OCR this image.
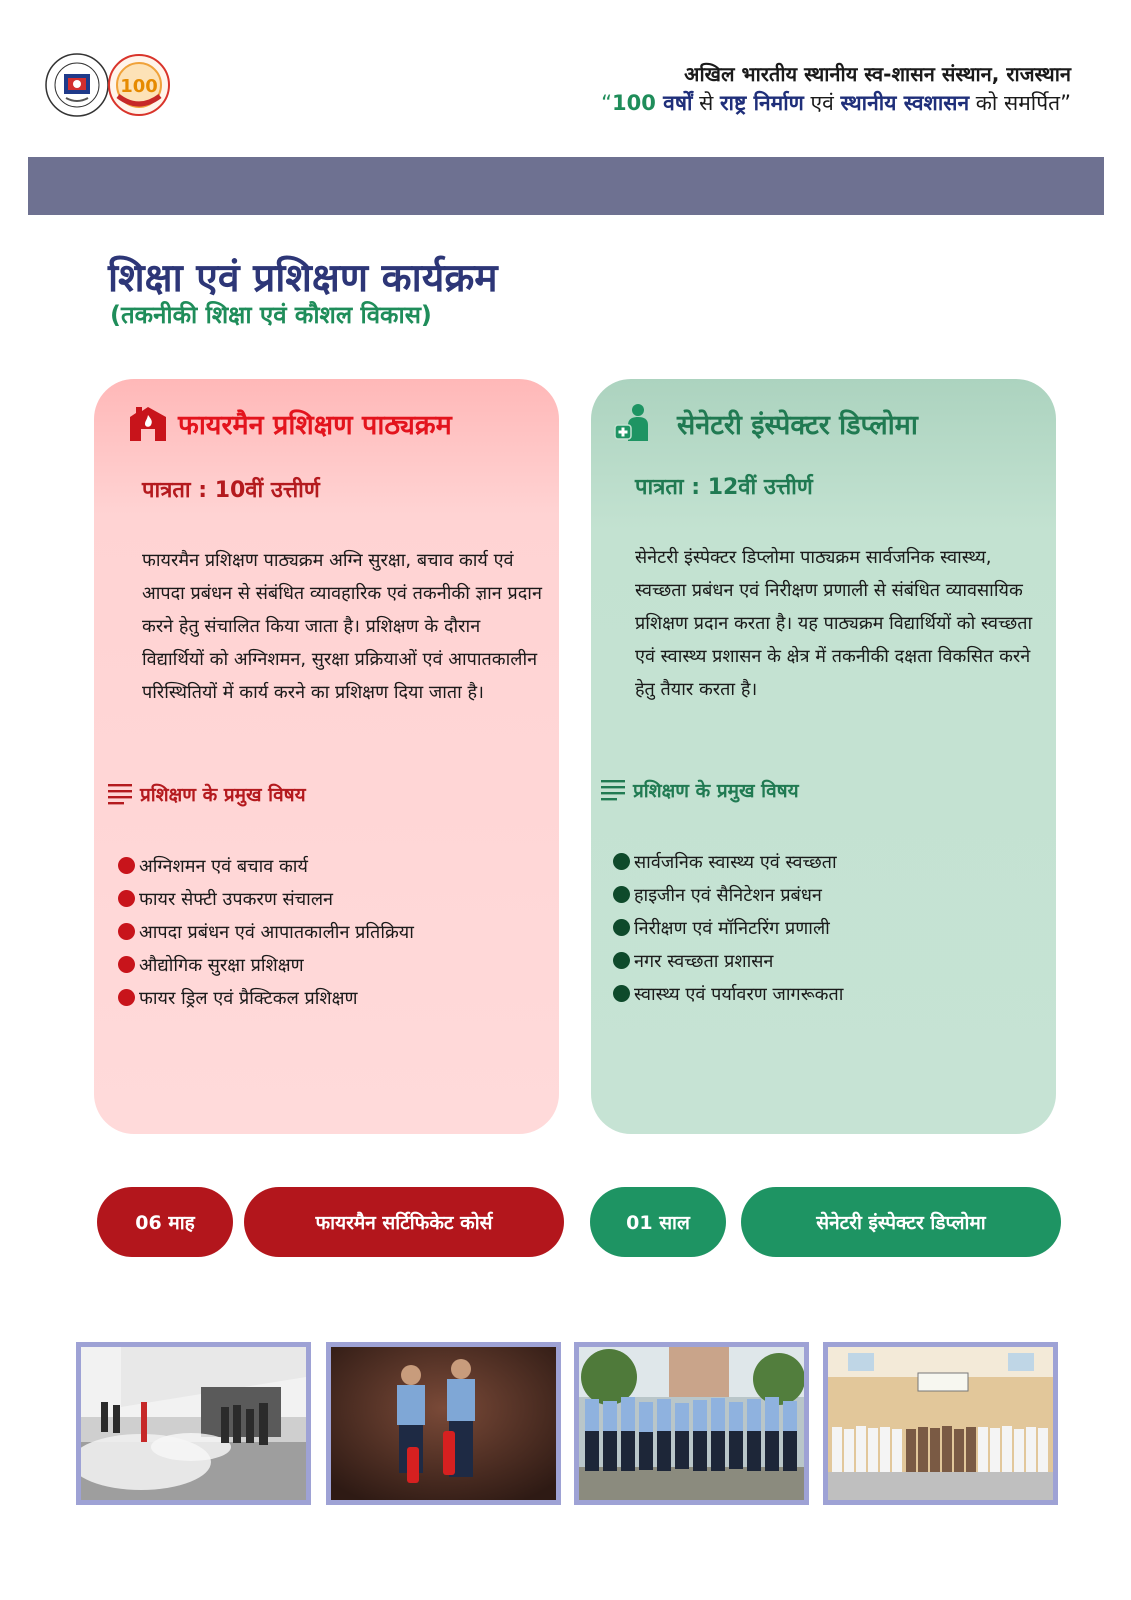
100
अखिल भारतीय स्थानीय स्व-शासन संस्थान, राजस्थान
“100 वर्षों से राष्ट्र निर्माण एवं स्थानीय स्वशासन को समर्पित”
शिक्षा एवं प्रशिक्षण कार्यक्रम
(तकनीकी शिक्षा एवं कौशल विकास)
फायरमैन प्रशिक्षण पाठ्यक्रम
पात्रता : 10वीं उत्तीर्ण
फायरमैन प्रशिक्षण पाठ्यक्रम अग्नि सुरक्षा, बचाव कार्य एवं आपदा प्रबंधन से संबंधित व्यावहारिक एवं तकनीकी ज्ञान प्रदान करने हेतु संचालित किया जाता है। प्रशिक्षण के दौरान विद्यार्थियों को अग्निशमन, सुरक्षा प्रक्रियाओं एवं आपातकालीन परिस्थितियों में कार्य करने का प्रशिक्षण दिया जाता है।
प्रशिक्षण के प्रमुख विषय
अग्निशमन एवं बचाव कार्य
फायर सेफ्टी उपकरण संचालन
आपदा प्रबंधन एवं आपातकालीन प्रतिक्रिया
औद्योगिक सुरक्षा प्रशिक्षण
फायर ड्रिल एवं प्रैक्टिकल प्रशिक्षण
सेनेटरी इंस्पेक्टर डिप्लोमा
पात्रता : 12वीं उत्तीर्ण
सेनेटरी इंस्पेक्टर डिप्लोमा पाठ्यक्रम सार्वजनिक स्वास्थ्य, स्वच्छता प्रबंधन एवं निरीक्षण प्रणाली से संबंधित व्यावसायिक प्रशिक्षण प्रदान करता है। यह पाठ्यक्रम विद्यार्थियों को स्वच्छता एवं स्वास्थ्य प्रशासन के क्षेत्र में तकनीकी दक्षता विकसित करने हेतु तैयार करता है।
प्रशिक्षण के प्रमुख विषय
सार्वजनिक स्वास्थ्य एवं स्वच्छता
हाइजीन एवं सैनिटेशन प्रबंधन
निरीक्षण एवं मॉनिटरिंग प्रणाली
नगर स्वच्छता प्रशासन
स्वास्थ्य एवं पर्यावरण जागरूकता
06 माह	फायरमैन सर्टिफिकेट कोर्स	01 साल	सेनेटरी इंस्पेक्टर डिप्लोमा
